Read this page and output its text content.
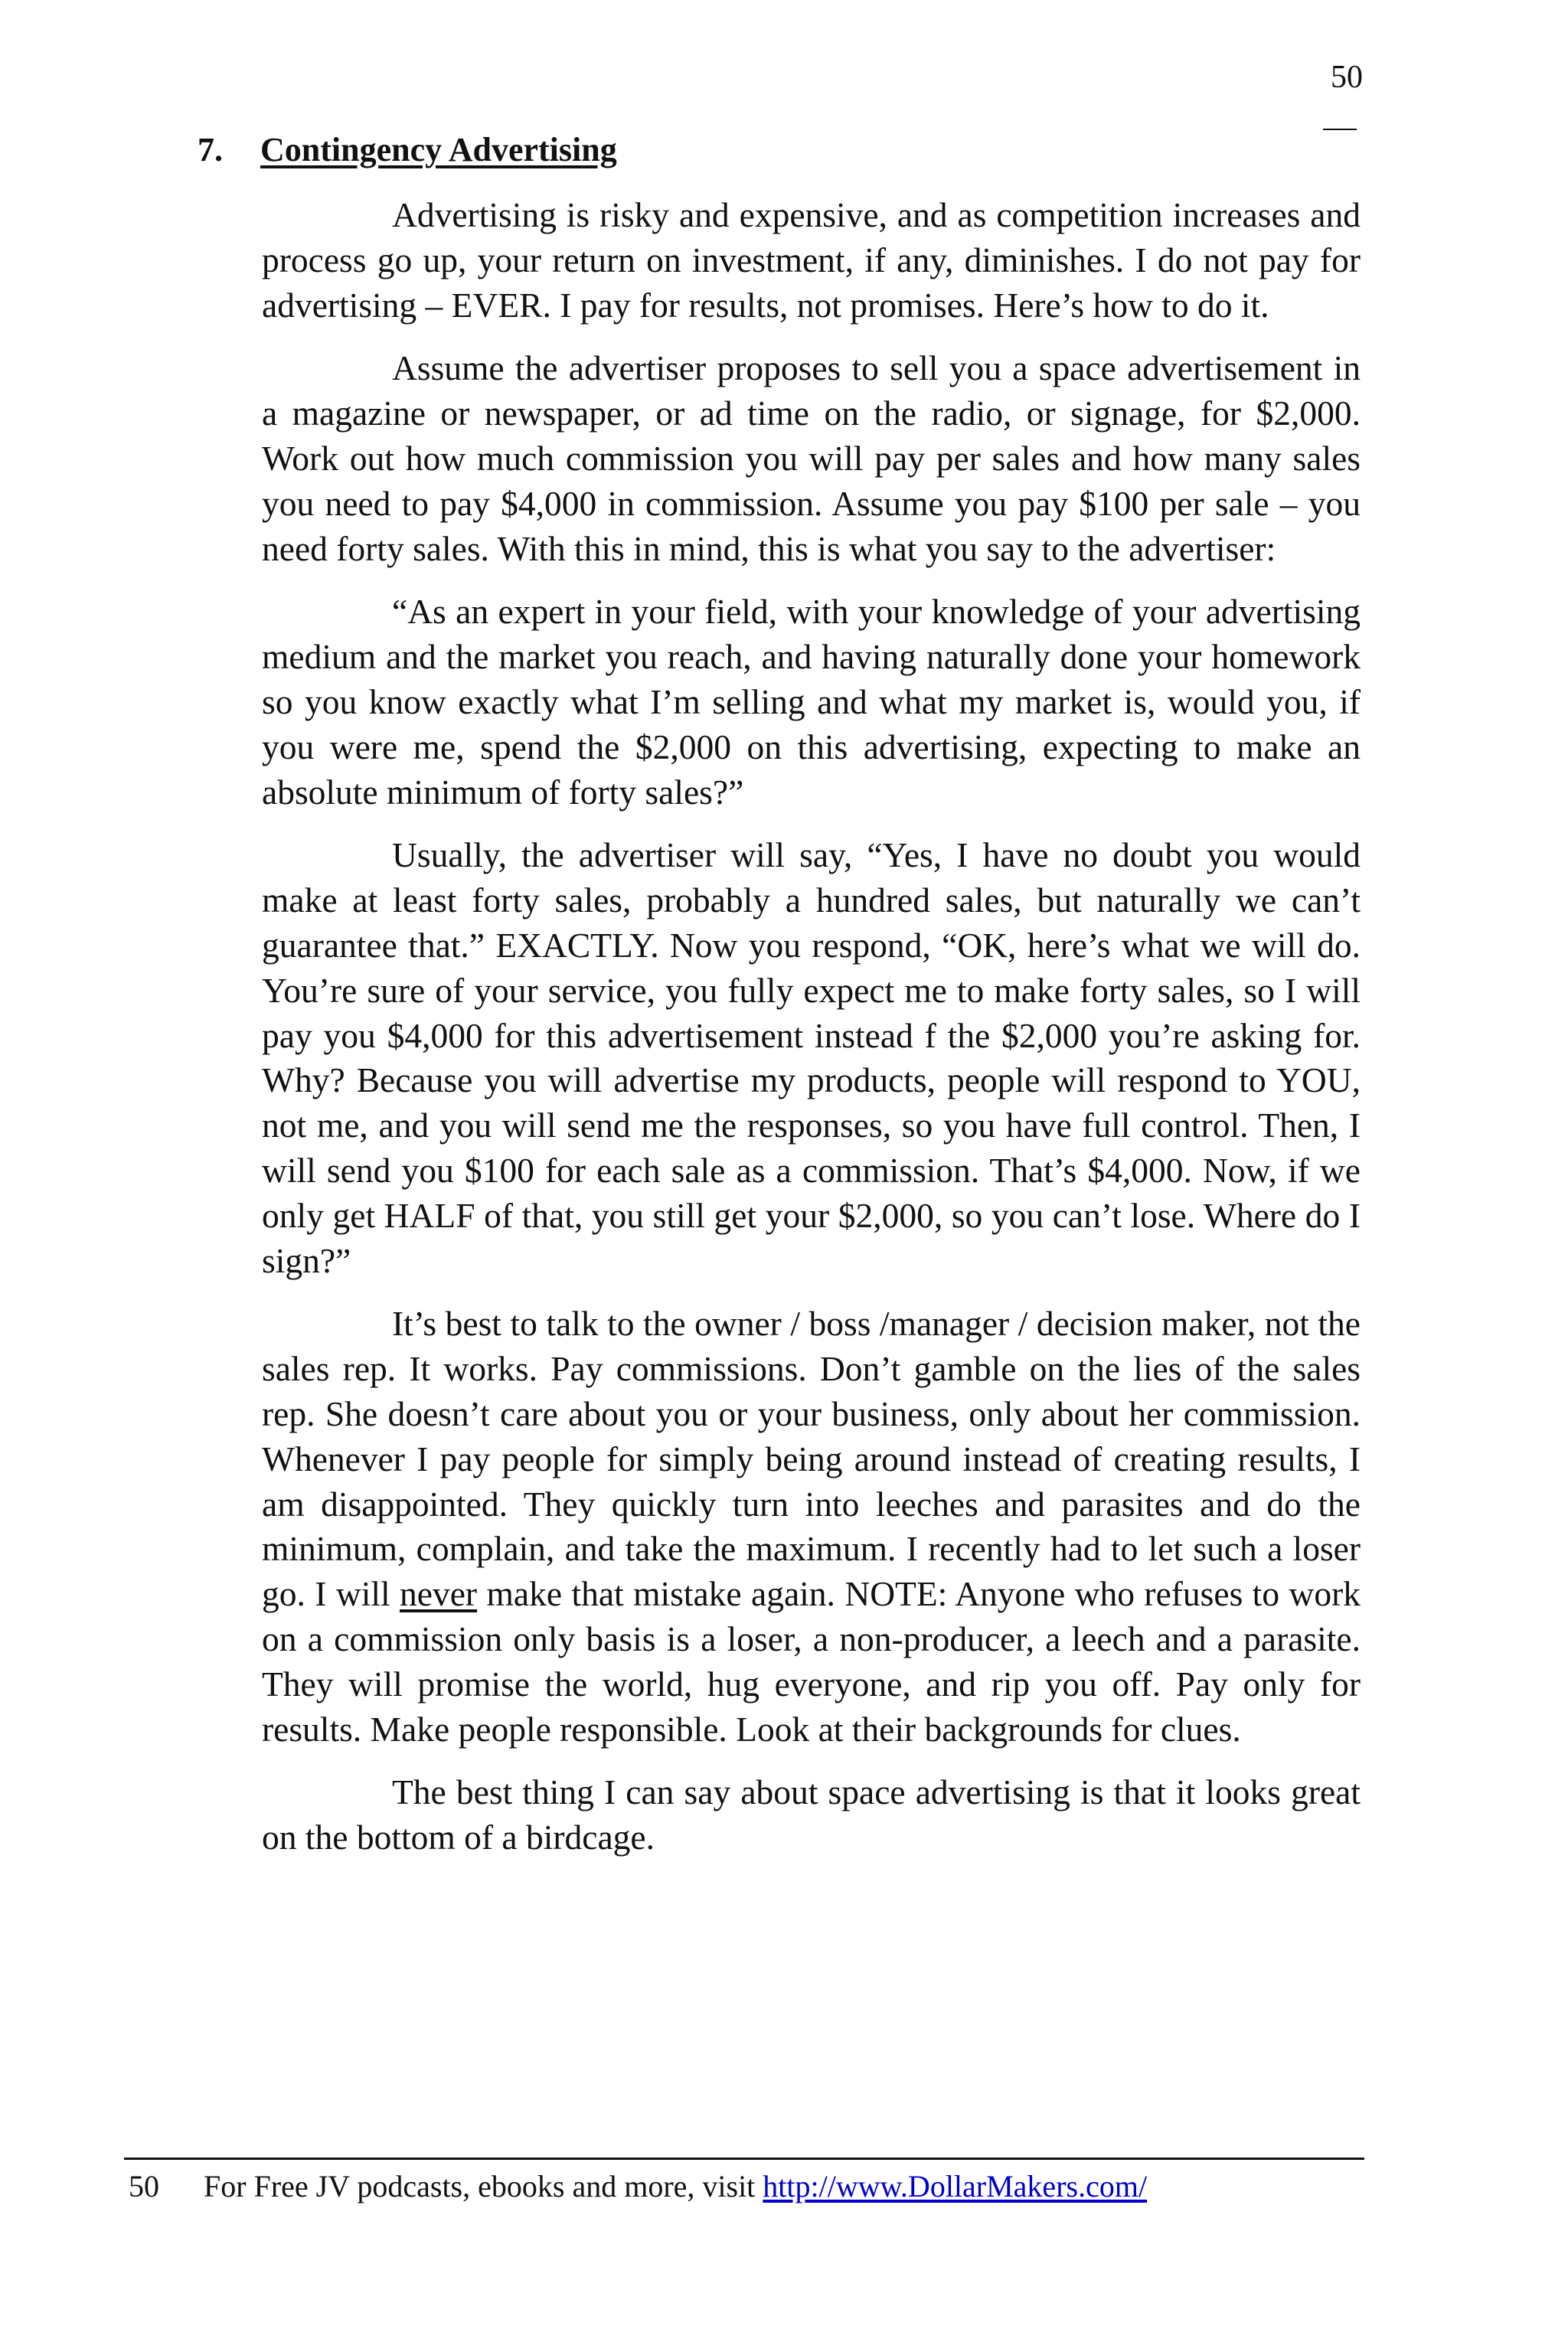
50
7. Contingency Advertising

Advertising is risky and expensive, and as competition increases and process go up, your return on investment, if any, diminishes. I do not pay for advertising – EVER. I pay for results, not promises. Here’s how to do it.

Assume the advertiser proposes to sell you a space advertisement in a magazine or newspaper, or ad time on the radio, or signage, for $2,000. Work out how much commission you will pay per sales and how many sales you need to pay $4,000 in commission. Assume you pay $100 per sale – you need forty sales. With this in mind, this is what you say to the advertiser:

“As an expert in your field, with your knowledge of your advertising medium and the market you reach, and having naturally done your homework so you know exactly what I’m selling and what my market is, would you, if you were me, spend the $2,000 on this advertising, expecting to make an absolute minimum of forty sales?”

Usually, the advertiser will say, “Yes, I have no doubt you would make at least forty sales, probably a hundred sales, but naturally we can’t guarantee that.” EXACTLY. Now you respond, “OK, here’s what we will do. You’re sure of your service, you fully expect me to make forty sales, so I will pay you $4,000 for this advertisement instead f the $2,000 you’re asking for. Why? Because you will advertise my products, people will respond to YOU, not me, and you will send me the responses, so you have full control. Then, I will send you $100 for each sale as a commission. That’s $4,000. Now, if we only get HALF of that, you still get your $2,000, so you can’t lose. Where do I sign?”

It’s best to talk to the owner / boss /manager / decision maker, not the sales rep. It works. Pay commissions. Don’t gamble on the lies of the sales rep. She doesn’t care about you or your business, only about her commission. Whenever I pay people for simply being around instead of creating results, I am disappointed. They quickly turn into leeches and parasites and do the minimum, complain, and take the maximum. I recently had to let such a loser go. I will never make that mistake again. NOTE: Anyone who refuses to work on a commission only basis is a loser, a non-producer, a leech and a parasite. They will promise the world, hug everyone, and rip you off. Pay only for results. Make people responsible. Look at their backgrounds for clues.

The best thing I can say about space advertising is that it looks great on the bottom of a birdcage.

50 For Free JV podcasts, ebooks and more, visit http://www.DollarMakers.com/
